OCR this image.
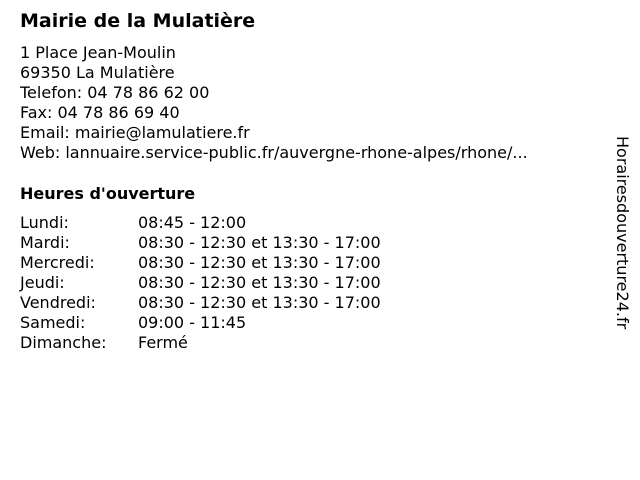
Mairie de la Mulatière
1 Place Jean-Moulin
69350 La Mulatière
Telefon: 04 78 86 62 00
Fax: 04 78 86 69 40
Email: mairie@lamulatiere.fr
Web: lannuaire.service-public.fr/auvergne-rhone-alpes/rhone/...
Heures d'ouverture
Lundi:	08:45 - 12:00
Mardi:	08:30 - 12:30 et 13:30 - 17:00
Mercredi:	08:30 - 12:30 et 13:30 - 17:00
Jeudi:	08:30 - 12:30 et 13:30 - 17:00
Vendredi:	08:30 - 12:30 et 13:30 - 17:00
Samedi:	09:00 - 11:45
Dimanche: Fermé
Horairesdouverture24.fr
